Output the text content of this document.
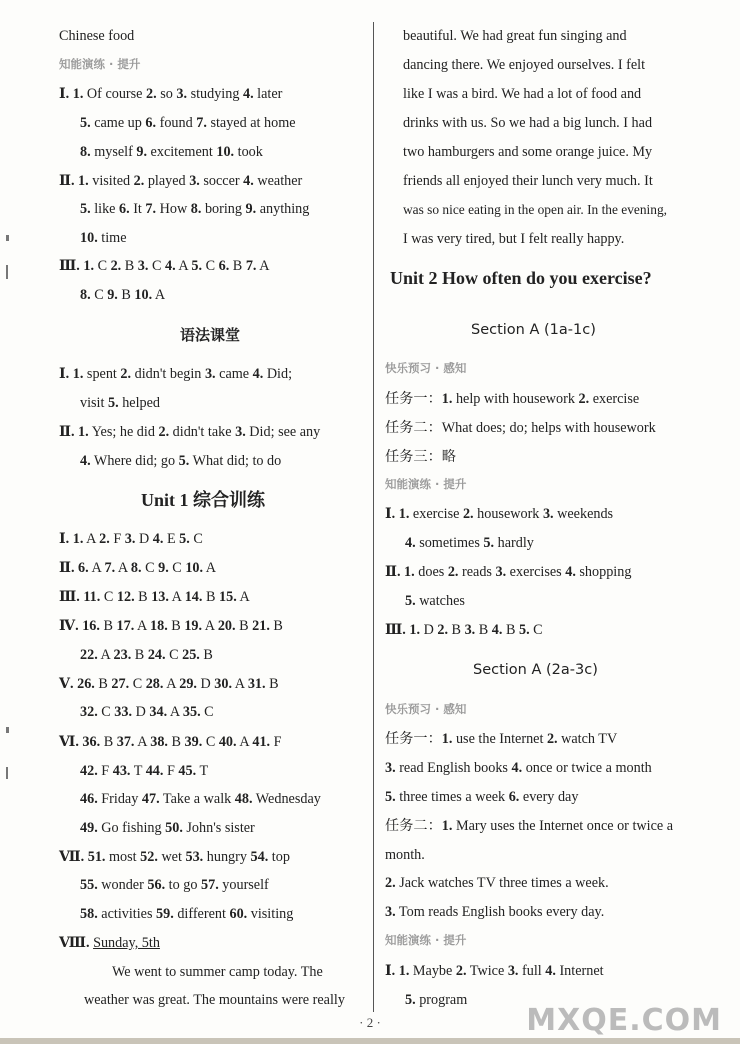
Chinese food
知能演练 · 提升
Ⅰ. 1. Of course 2. so 3. studying 4. later
5. came up 6. found 7. stayed at home
8. myself 9. excitement 10. took
Ⅱ. 1. visited 2. played 3. soccer 4. weather
5. like 6. It 7. How 8. boring 9. anything
10. time
Ⅲ. 1. C 2. B 3. C 4. A 5. C 6. B 7. A
8. C 9. B 10. A
语法课堂
Ⅰ. 1. spent 2. didn't begin 3. came 4. Did;
visit 5. helped
Ⅱ. 1. Yes; he did 2. didn't take 3. Did; see any
4. Where did; go 5. What did; to do
Unit 1 综合训练
Ⅰ. 1. A 2. F 3. D 4. E 5. C
Ⅱ. 6. A 7. A 8. C 9. C 10. A
Ⅲ. 11. C 12. B 13. A 14. B 15. A
Ⅳ. 16. B 17. A 18. B 19. A 20. B 21. B
22. A 23. B 24. C 25. B
Ⅴ. 26. B 27. C 28. A 29. D 30. A 31. B
32. C 33. D 34. A 35. C
Ⅵ. 36. B 37. A 38. B 39. C 40. A 41. F
42. F 43. T 44. F 45. T
46. Friday 47. Take a walk 48. Wednesday
49. Go fishing 50. John's sister
Ⅶ. 51. most 52. wet 53. hungry 54. top
55. wonder 56. to go 57. yourself
58. activities 59. different 60. visiting
Ⅷ. Sunday, 5th
We went to summer camp today. The
weather was great. The mountains were really
beautiful. We had great fun singing and
dancing there. We enjoyed ourselves. I felt
like I was a bird. We had a lot of food and
drinks with us. So we had a big lunch. I had
two hamburgers and some orange juice. My
friends all enjoyed their lunch very much. It
was so nice eating in the open air. In the evening,
I was very tired, but I felt really happy.
Unit 2 How often do you exercise?
Section A (1a-1c)
快乐预习 · 感知
任务一：1. help with housework 2. exercise
任务二：What does; do; helps with housework
任务三：略
知能演练 · 提升
Ⅰ. 1. exercise 2. housework 3. weekends
4. sometimes 5. hardly
Ⅱ. 1. does 2. reads 3. exercises 4. shopping
5. watches
Ⅲ. 1. D 2. B 3. B 4. B 5. C
Section A (2a-3c)
快乐预习 · 感知
任务一：1. use the Internet 2. watch TV
3. read English books 4. once or twice a month
5. three times a week 6. every day
任务二：1. Mary uses the Internet once or twice a
month.
2. Jack watches TV three times a week.
3. Tom reads English books every day.
知能演练 · 提升
Ⅰ. 1. Maybe 2. Twice 3. full 4. Internet
5. program
MXQE.COM
· 2 ·
